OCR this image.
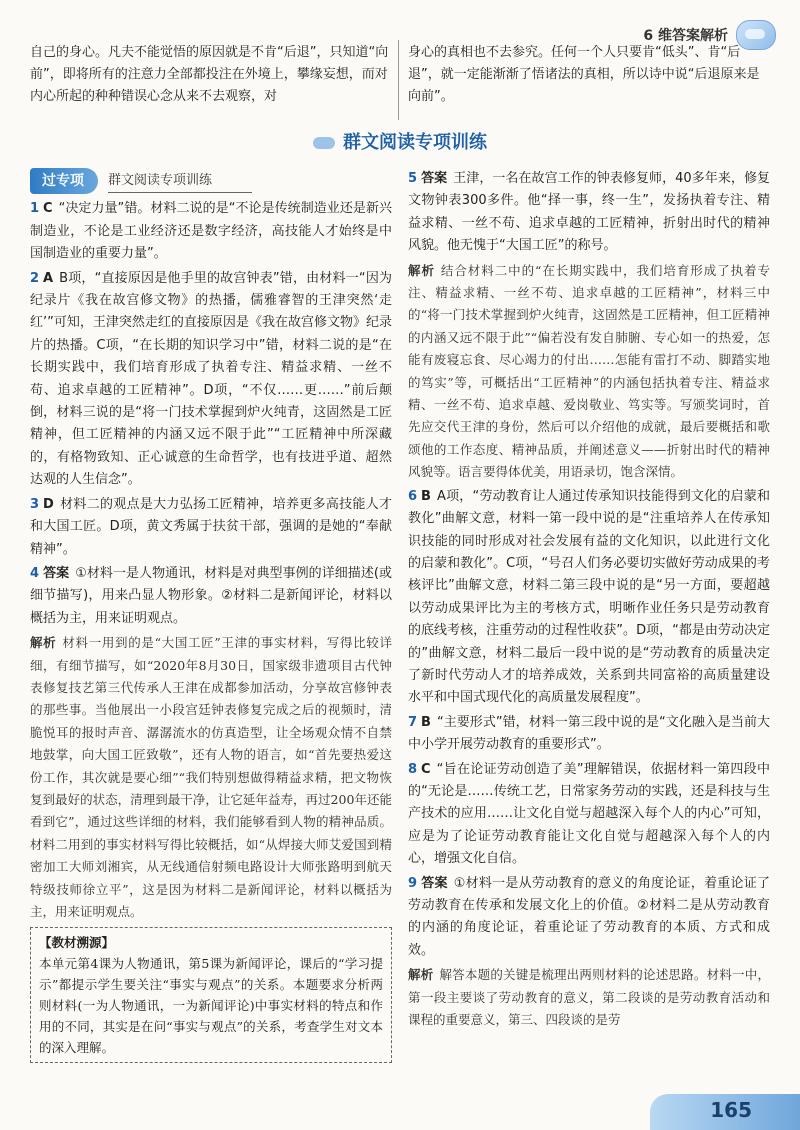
6 维答案解析
自己的身心。凡夫不能觉悟的原因就是不肯“后退”，只知道“向前”，即将所有的注意力全部都投注在外境上，攀缘妄想，而对内心所起的种种错误心念从来不去观察，对
身心的真相也不去参究。任何一个人只要肯“低头”、肯“后退”，就一定能渐渐了悟诸法的真相，所以诗中说“后退原来是向前”。
群文阅读专项训练
过专项	群文阅读专项训练

1 C “决定力量”错。材料二说的是“不论是传统制造业还是新兴制造业，不论是工业经济还是数字经济，高技能人才始终是中国制造业的重要力量”。

2 A B项，“直接原因是他手里的故宫钟表”错，由材料一“因为纪录片《我在故宫修文物》的热播，儒雅睿智的王津突然‘走红’”可知，王津突然走红的直接原因是《我在故宫修文物》纪录片的热播。C项，“在长期的知识学习中”错，材料二说的是“在长期实践中，我们培育形成了执着专注、精益求精、一丝不苟、追求卓越的工匠精神”。D项，“不仅……更……”前后颠倒，材料三说的是“将一门技术掌握到炉火纯青，这固然是工匠精神，但工匠精神的内涵又远不限于此”“工匠精神中所深藏的，有格物致知、正心诚意的生命哲学，也有技进乎道、超然达观的人生信念”。

3 D 材料二的观点是大力弘扬工匠精神，培养更多高技能人才和大国工匠。D项，黄文秀属于扶贫干部，强调的是她的“奉献精神”。

4 答案 ①材料一是人物通讯，材料是对典型事例的详细描述(或细节描写)，用来凸显人物形象。②材料二是新闻评论，材料以概括为主，用来证明观点。

解析 材料一用到的是“大国工匠”王津的事实材料，写得比较详细，有细节描写，如“2020年8月30日，国家级非遗项目古代钟表修复技艺第三代传承人王津在成都参加活动，分享故宫修钟表的那些事。当他展出一小段宫廷钟表修复完成之后的视频时，清脆悦耳的报时声音、潺潺流水的仿真造型，让全场观众情不自禁地鼓掌，向大国工匠致敬”，还有人物的语言，如“首先要热爱这份工作，其次就是要心细”“我们特别想做得精益求精，把文物恢复到最好的状态，清理到最干净，让它延年益寿，再过200年还能看到它”，通过这些详细的材料，我们能够看到人物的精神品质。材料二用到的事实材料写得比较概括，如“从焊接大师艾爱国到精密加工大师刘湘宾，从无线通信射频电路设计大师张路明到航天特级技师徐立平”，这是因为材料二是新闻评论，材料以概括为主，用来证明观点。

【教材溯源】
本单元第4课为人物通讯，第5课为新闻评论，课后的“学习提示”都提示学生要关注“事实与观点”的关系。本题要求分析两则材料(一为人物通讯，一为新闻评论)中事实材料的特点和作用的不同，其实是在问“事实与观点”的关系，考查学生对文本的深入理解。

5 答案 王津，一名在故宫工作的钟表修复师，40多年来，修复文物钟表300多件。他“择一事，终一生”，发扬执着专注、精益求精、一丝不苟、追求卓越的工匠精神，折射出时代的精神风貌。他无愧于“大国工匠”的称号。

解析 结合材料二中的“在长期实践中，我们培育形成了执着专注、精益求精、一丝不苟、追求卓越的工匠精神”，材料三中的“将一门技术掌握到炉火纯青，这固然是工匠精神，但工匠精神的内涵又远不限于此”“偏若没有发自肺腑、专心如一的热爱，怎能有废寝忘食、尽心竭力的付出……怎能有雷打不动、脚踏实地的笃实”等，可概括出“工匠精神”的内涵包括执着专注、精益求精、一丝不苟、追求卓越、爱岗敬业、笃实等。写颁奖词时，首先应交代王津的身份，然后可以介绍他的成就，最后要概括和歌颂他的工作态度、精神品质，并阐述意义——折射出时代的精神风貌等。语言要得体优美，用语录切，饱含深情。

6 B A项，“劳动教育让人通过传承知识技能得到文化的启蒙和教化”曲解文意，材料一第一段中说的是“注重培养人在传承知识技能的同时形成对社会发展有益的文化知识，以此进行文化的启蒙和教化”。C项，“号召人们务必要切实做好劳动成果的考核评比”曲解文意，材料二第三段中说的是“另一方面，要超越以劳动成果评比为主的考核方式，明晰作业任务只是劳动教育的底线考核，注重劳动的过程性收获”。D项，“都是由劳动决定的”曲解文意，材料二最后一段中说的是“劳动教育的质量决定了新时代劳动人才的培养成效，关系到共同富裕的高质量建设水平和中国式现代化的高质量发展程度”。

7 B “主要形式”错，材料一第三段中说的是“文化融入是当前大中小学开展劳动教育的重要形式”。

8 C “旨在论证劳动创造了美”理解错误，依据材料一第四段中的“无论是……传统工艺，日常家务劳动的实践，还是科技与生产技术的应用……让文化自觉与超越深入每个人的内心”可知，应是为了论证劳动教育能让文化自觉与超越深入每个人的内心，增强文化自信。

9 答案 ①材料一是从劳动教育的意义的角度论证，着重论证了劳动教育在传承和发展文化上的价值。②材料二是从劳动教育的内涵的角度论证，着重论证了劳动教育的本质、方式和成效。

解析 解答本题的关键是梳理出两则材料的论述思路。材料一中，第一段主要谈了劳动教育的意义，第二段谈的是劳动教育活动和课程的重要意义，第三、四段谈的是劳

165
